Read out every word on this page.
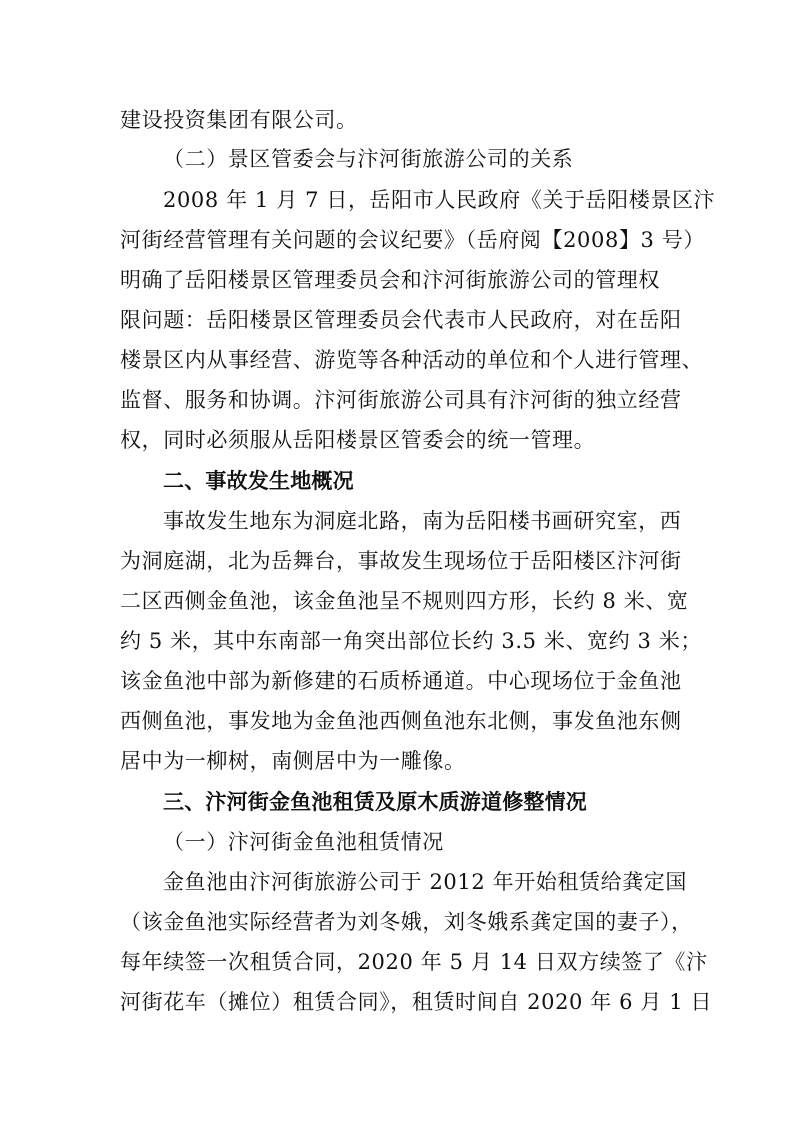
建设投资集团有限公司。
（二）景区管委会与汴河街旅游公司的关系
2008 年 1 月 7 日，岳阳市人民政府《关于岳阳楼景区汴
河街经营管理有关问题的会议纪要》（岳府阅【2008】3 号）
明确了岳阳楼景区管理委员会和汴河街旅游公司的管理权
限问题：岳阳楼景区管理委员会代表市人民政府，对在岳阳
楼景区内从事经营、游览等各种活动的单位和个人进行管理、
监督、服务和协调。汴河街旅游公司具有汴河街的独立经营
权，同时必须服从岳阳楼景区管委会的统一管理。
二、事故发生地概况
事故发生地东为洞庭北路，南为岳阳楼书画研究室，西
为洞庭湖，北为岳舞台，事故发生现场位于岳阳楼区汴河街
二区西侧金鱼池，该金鱼池呈不规则四方形，长约 8 米、宽
约 5 米，其中东南部一角突出部位长约 3.5 米、宽约 3 米；
该金鱼池中部为新修建的石质桥通道。中心现场位于金鱼池
西侧鱼池，事发地为金鱼池西侧鱼池东北侧，事发鱼池东侧
居中为一柳树，南侧居中为一雕像。
三、汴河街金鱼池租赁及原木质游道修整情况
（一）汴河街金鱼池租赁情况
金鱼池由汴河街旅游公司于 2012 年开始租赁给龚定国
（该金鱼池实际经营者为刘冬娥，刘冬娥系龚定国的妻子），
每年续签一次租赁合同，2020 年 5 月 14 日双方续签了《汴
河街花车（摊位）租赁合同》，租赁时间自 2020 年 6 月 1 日
